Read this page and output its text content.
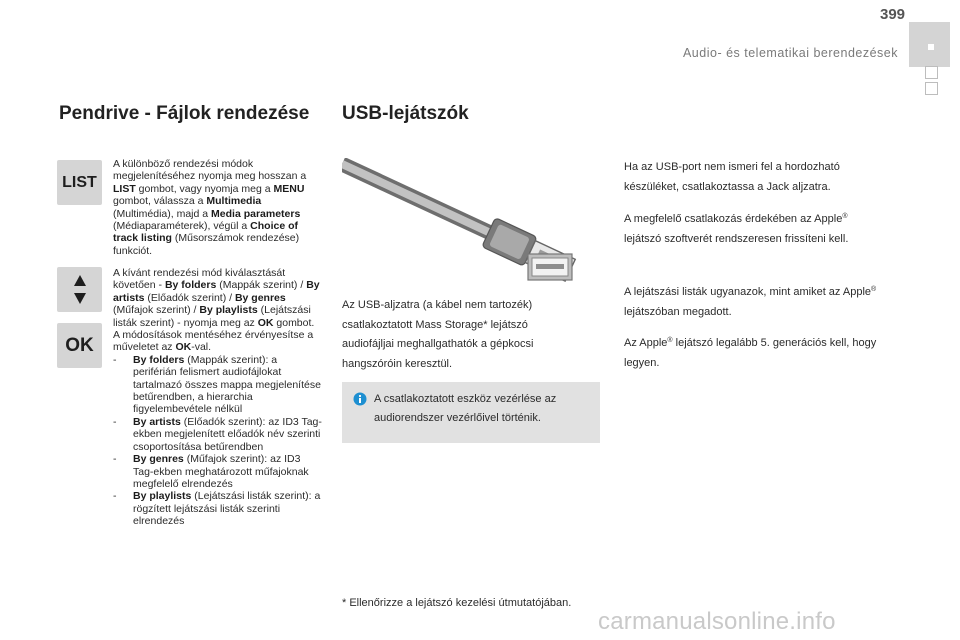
399
Audio- és telematikai berendezések
Pendrive - Fájlok rendezése
LIST
OK
A különböző rendezési módok megjelenítéséhez nyomja meg hosszan a LIST gombot, vagy nyomja meg a MENU gombot, válassza a Multimedia (Multimédia), majd a Media parameters (Médiaparaméterek), végül a Choice of track listing (Műsorszámok rendezése) funkciót.
A kívánt rendezési mód kiválasztását követően - By folders (Mappák szerint) / By artists (Előadók szerint) / By genres (Műfajok szerint) / By playlists (Lejátszási listák szerint) - nyomja meg az OK gombot.
A módosítások mentéséhez érvényesítse a műveletet az OK-val.
- By folders (Mappák szerint): a periférián felismert audiofájlokat tartalmazó összes mappa megjelenítése betűrendben, a hierarchia figyelembevétele nélkül
- By artists (Előadók szerint): az ID3 Tag-ekben megjelenített előadók név szerinti csoportosítása betűrendben
- By genres (Műfajok szerint): az ID3 Tag-ekben meghatározott műfajoknak megfelelő elrendezés
- By playlists (Lejátszási listák szerint): a rögzített lejátszási listák szerinti elrendezés
USB-lejátszók
Az USB-aljzatra (a kábel nem tartozék) csatlakoztatott Mass Storage* lejátszó audiofájljai meghallgathatók a gépkocsi hangszóróin keresztül.
A csatlakoztatott eszköz vezérlése az audiorendszer vezérlőivel történik.
* Ellenőrizze a lejátszó kezelési útmutatójában.
Ha az USB-port nem ismeri fel a hordozható készüléket, csatlakoztassa a Jack aljzatra.
A megfelelő csatlakozás érdekében az Apple® lejátszó szoftverét rendszeresen frissíteni kell.
A lejátszási listák ugyanazok, mint amiket az Apple® lejátszóban megadott.
Az Apple® lejátszó legalább 5. generációs kell, hogy legyen.
carmanualsonline.info
